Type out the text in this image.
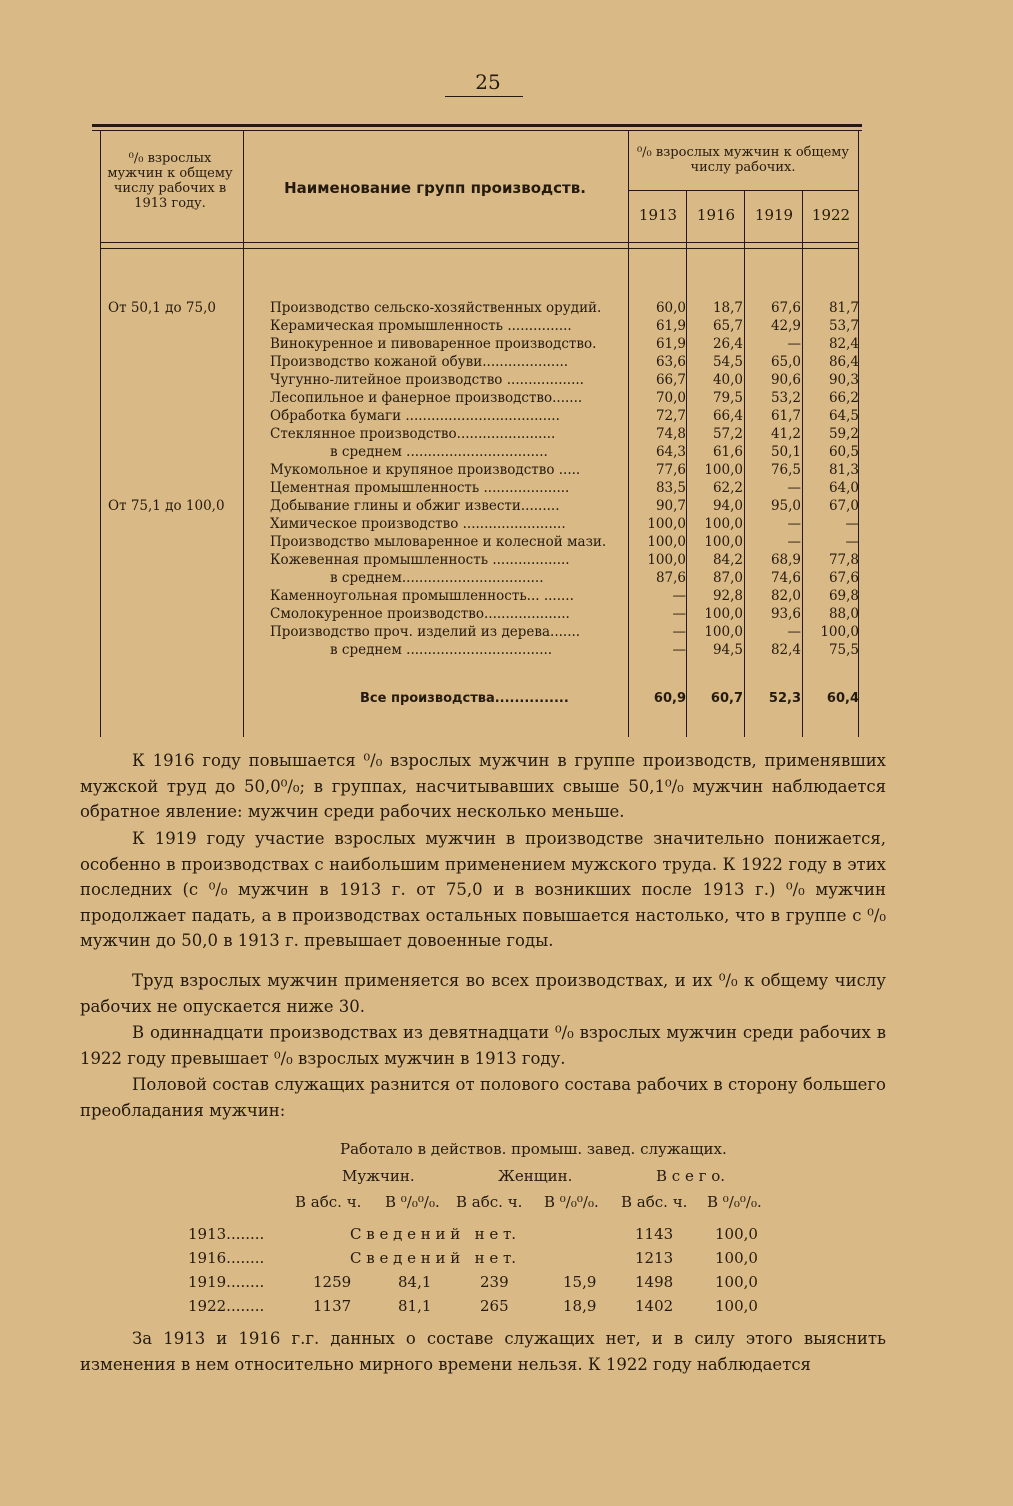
25
⁰/₀ взрослых мужчин к общему числу рабочих в 1913 году.
Наименование групп производств.
⁰/₀ взрослых мужчин к общему числу рабочих.
1913	1916	1919	1922
От 50,1 до 75,0	Производство сельско-хозяйственных орудий.	60,0	18,7	67,6	81,7
Керамическая промышленность ...............	61,9	65,7	42,9	53,7
Винокуренное и пивоваренное производство.	61,9	26,4	—	82,4
Производство кожаной обуви....................	63,6	54,5	65,0	86,4
Чугунно-литейное производство ..................	66,7	40,0	90,6	90,3
Лесопильное и фанерное производство.......	70,0	79,5	53,2	66,2
Обработка бумаги ....................................	72,7	66,4	61,7	64,5
Стеклянное производство.......................	74,8	57,2	41,2	59,2
в среднем .................................	64,3	61,6	50,1	60,5
Мукомольное и крупяное производство .....	77,6	100,0	76,5	81,3
Цементная промышленность ....................	83,5	62,2	—	64,0
От 75,1 до 100,0	Добывание глины и обжиг извести.........	90,7	94,0	95,0	67,0
Химическое производство ........................	100,0	100,0	—	—
Производство мыловаренное и колесной мази.	100,0	100,0	—	—
Кожевенная промышленность ..................	100,0	84,2	68,9	77,8
в среднем.................................	87,6	87,0	74,6	67,6
Каменноугольная промышленность... .......	—	92,8	82,0	69,8
Смолокуренное производство....................	—	100,0	93,6	88,0
Производство проч. изделий из дерева.......	—	100,0	—	100,0
в среднем ..................................	—	94,5	82,4	75,5
Все производства...............	60,9	60,7	52,3	60,4
К 1916 году повышается ⁰/₀ взрослых мужчин в группе производств, применявших мужской труд до 50,0⁰/₀; в группах, насчитывавших свыше 50,1⁰/₀ мужчин наблюдается обратное явление: мужчин среди рабочих несколько меньше.
К 1919 году участие взрослых мужчин в производстве значительно понижается, особенно в производствах с наибольшим применением мужского труда. К 1922 году в этих последних (с ⁰/₀ мужчин в 1913 г. от 75,0 и в возникших после 1913 г.) ⁰/₀ мужчин продолжает падать, а в производствах остальных повышается настолько, что в группе с ⁰/₀ мужчин до 50,0 в 1913 г. превышает довоенные годы.
Труд взрослых мужчин применяется во всех производствах, и их ⁰/₀ к общему числу рабочих не опускается ниже 30.
В одиннадцати производствах из девятнадцати ⁰/₀ взрослых мужчин среди рабочих в 1922 году превышает ⁰/₀ взрослых мужчин в 1913 году.
Половой состав служащих разнится от полового состава рабочих в сторону большего преобладания мужчин:
Работало в действов. промыш. завед. служащих.
Мужчин.	Женщин.	В с е г о.
В абс. ч. В ⁰/₀⁰/₀. В абс. ч. В ⁰/₀⁰/₀. В абс. ч. В ⁰/₀⁰/₀.
1913........	С в е д е н и й   н е т.	1143	100,0
1916........	С в е д е н и й   н е т.	1213	100,0
1919........	1259	84,1	239	15,9	1498	100,0
1922........	1137	81,1	265	18,9	1402	100,0
За 1913 и 1916 г.г. данных о составе служащих нет, и в силу этого выяснить изменения в нем относительно мирного времени нельзя. К 1922 году наблюдается
